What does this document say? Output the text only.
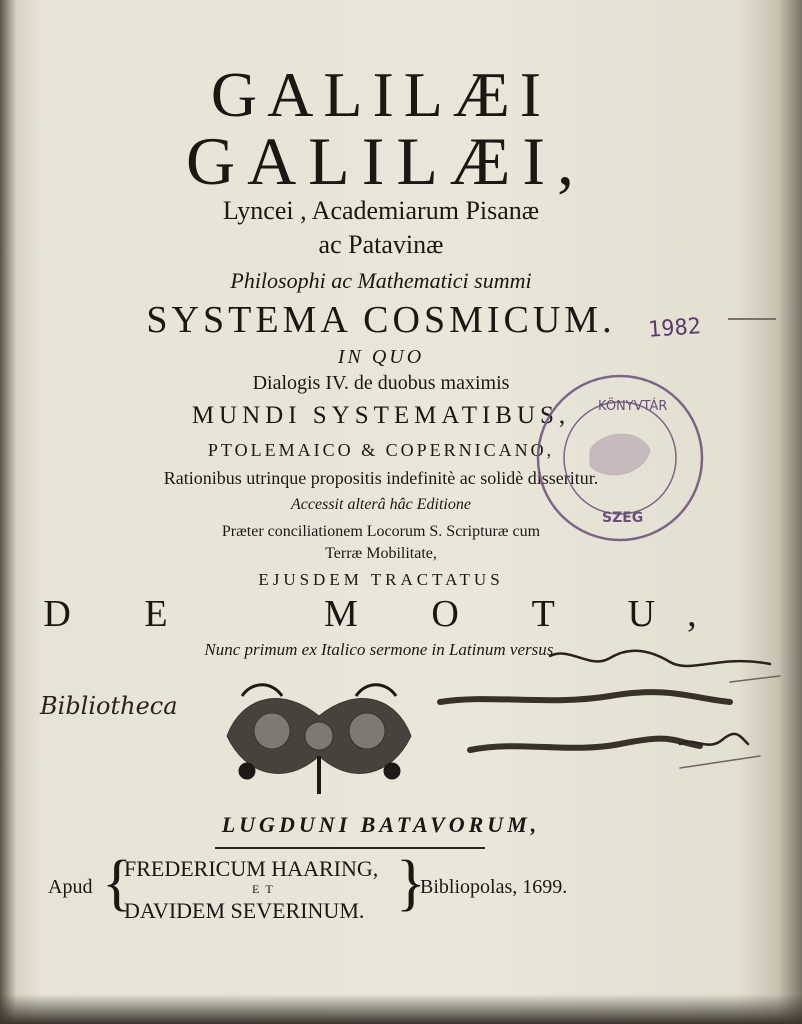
GALILÆI
GALILÆI,
Lyncei , Academiarum Pisanæ
ac Patavinæ
Philosophi ac Mathematici summi
SYSTEMA COSMICUM.
IN QUO
Dialogis IV. de duobus maximis
MUNDI SYSTEMATIBUS,
PTOLEMAICO & COPERNICANO,
Rationibus utrinque propositis indefinitè ac solidè disseritur.
Accessit alterâ hâc Editione
Præter conciliationem Locorum S. Scripturæ cum
Terræ Mobilitate,
EJUSDEM TRACTATUS
D E   M O T U,
Nunc primum ex Italico sermone in Latinum versus.
LUGDUNI BATAVORUM,
Apud {
FREDERICUM HAARING,
ET
DAVIDEM SEVERINUM. }
Bibliopolas, 1699.
1982
KÖNYVTÁR
SZEG
Bibliotheca
